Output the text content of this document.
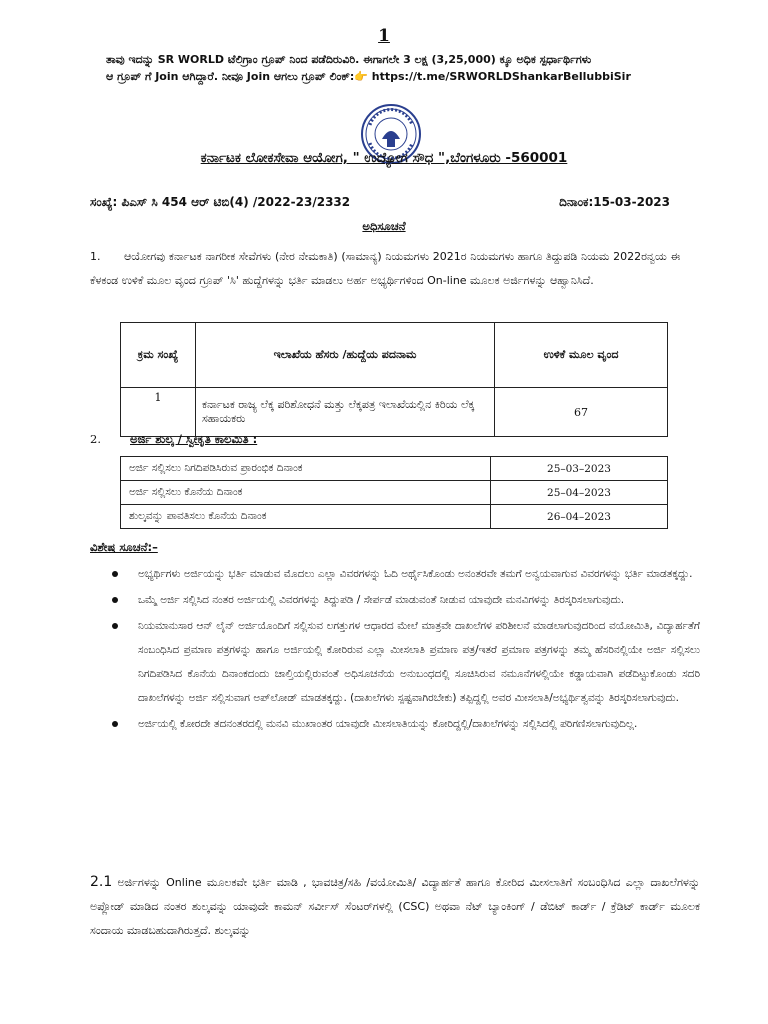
1
ತಾವು ಇದನ್ನು SR WORLD ಟೆಲಿಗ್ರಾಂ ಗ್ರೂಪ್ ನಿಂದ ಪಡೆದಿರುವಿರಿ. ಈಗಾಗಲೇ 3 ಲಕ್ಷ (3,25,000) ಕ್ಕೂ ಅಧಿಕ ಸ್ಪರ್ಧಾರ್ಥಿಗಳು
ಆ ಗ್ರೂಪ್ ಗೆ Join ಆಗಿದ್ದಾರೆ. ನೀವೂ Join ಆಗಲು ಗ್ರೂಪ್ ಲಿಂಕ್:👉 https://t.me/SRWORLDShankarBellubbiSir
ಕರ್ನಾಟಕ ಲೋಕಸೇವಾ ಆಯೋಗ, " ಉದ್ಯೋಗ ಸೌಧ ",ಬೆಂಗಳೂರು -560001
ಸಂಖ್ಯೆ: ಪಿಎಸ್ ಸಿ 454 ಆರ್ ಟಿಬಿ(4) /2022-23/2332	ದಿನಾಂಕ:15-03-2023
ಅಧಿಸೂಚನೆ
1. ಆಯೋಗವು ಕರ್ನಾಟಕ ನಾಗರೀಕ ಸೇವೆಗಳು (ನೇರ ನೇಮಕಾತಿ) (ಸಾಮಾನ್ಯ) ನಿಯಮಗಳು 2021ರ ನಿಯಮಗಳು ಹಾಗೂ ತಿದ್ದುಪಡಿ ನಿಯಮ 2022ರನ್ವಯ ಈ ಕೆಳಕಂಡ ಉಳಿಕೆ ಮೂಲ ವೃಂದ ಗ್ರೂಪ್ 'ಸಿ' ಹುದ್ದೆಗಳನ್ನು ಭರ್ತಿ ಮಾಡಲು ಅರ್ಹ ಅಭ್ಯರ್ಥಿಗಳಿಂದ On-line ಮೂಲಕ ಅರ್ಜಿಗಳನ್ನು ಆಹ್ವಾನಿಸಿದೆ.
ಕ್ರಮ ಸಂಖ್ಯೆ	ಇಲಾಖೆಯ ಹೆಸರು /ಹುದ್ದೆಯ ಪದನಾಮ	ಉಳಿಕೆ ಮೂಲ ವೃಂದ
1	ಕರ್ನಾಟಕ ರಾಜ್ಯ ಲೆಕ್ಕ ಪರಿಶೋಧನೆ ಮತ್ತು ಲೆಕ್ಕಪತ್ರ ಇಲಾಖೆಯಲ್ಲಿನ ಕಿರಿಯ ಲೆಕ್ಕ ಸಹಾಯಕರು	67
2.	ಅರ್ಜಿ ಶುಲ್ಕ / ಸ್ವೀಕೃತಿ ಕಾಲಮಿತಿ :
ಅರ್ಜಿ ಸಲ್ಲಿಸಲು ನಿಗದಿಪಡಿಸಿರುವ ಪ್ರಾರಂಭಿಕ ದಿನಾಂಕ	25–03–2023
ಅರ್ಜಿ ಸಲ್ಲಿಸಲು ಕೊನೆಯ ದಿನಾಂಕ	25–04–2023
ಶುಲ್ಕವನ್ನು ಪಾವತಿಸಲು ಕೊನೆಯ ದಿನಾಂಕ	26–04–2023
ವಿಶೇಷ ಸೂಚನೆ:–
ಅಭ್ಯರ್ಥಿಗಳು ಅರ್ಜಿಯನ್ನು ಭರ್ತಿ ಮಾಡುವ ಮೊದಲು ಎಲ್ಲಾ ವಿವರಗಳನ್ನು ಓದಿ ಅರ್ಥೈಸಿಕೊಂಡು ಅನಂತರವೇ ತಮಗೆ ಅನ್ವಯವಾಗುವ ವಿವರಗಳನ್ನು ಭರ್ತಿ ಮಾಡತಕ್ಕದ್ದು.
ಒಮ್ಮೆ ಅರ್ಜಿ ಸಲ್ಲಿಸಿದ ನಂತರ ಅರ್ಜಿಯಲ್ಲಿ ವಿವರಗಳನ್ನು ತಿದ್ದುಪಡಿ / ಸೇರ್ಪಡೆ ಮಾಡುವಂತೆ ನೀಡುವ ಯಾವುದೇ ಮನವಿಗಳನ್ನು ತಿರಸ್ಕರಿಸಲಾಗುವುದು.
ನಿಯಮಾನುಸಾರ ಆನ್ ಲೈನ್ ಅರ್ಜಿಯೊಂದಿಗೆ ಸಲ್ಲಿಸುವ ಲಗತ್ತುಗಳ ಆಧಾರದ ಮೇಲೆ ಮಾತ್ರವೇ ದಾಖಲೆಗಳ ಪರಿಶೀಲನೆ ಮಾಡಲಾಗುವುದರಿಂದ ವಯೋಮಿತಿ, ವಿದ್ಯಾರ್ಹತೆಗೆ ಸಂಬಂಧಿಸಿದ ಪ್ರಮಾಣ ಪತ್ರಗಳನ್ನು ಹಾಗೂ ಅರ್ಜಿಯಲ್ಲಿ ಕೋರಿರುವ ಎಲ್ಲಾ ಮೀಸಲಾತಿ ಪ್ರಮಾಣ ಪತ್ರ/ಇತರೆ ಪ್ರಮಾಣ ಪತ್ರಗಳನ್ನು ತಮ್ಮ ಹೆಸರಿನಲ್ಲಿಯೇ ಅರ್ಜಿ ಸಲ್ಲಿಸಲು ನಿಗದಿಪಡಿಸಿದ ಕೊನೆಯ ದಿನಾಂಕದಂದು ಚಾಲ್ತಿಯಲ್ಲಿರುವಂತೆ ಅಧಿಸೂಚನೆಯ ಅನುಬಂಧದಲ್ಲಿ ಸೂಚಿಸಿರುವ ನಮೂನೆಗಳಲ್ಲಿಯೇ ಕಡ್ಡಾಯವಾಗಿ ಪಡೆದಿಟ್ಟುಕೊಂಡು ಸದರಿ ದಾಖಲೆಗಳನ್ನು ಅರ್ಜಿ ಸಲ್ಲಿಸುವಾಗ ಅಪ್‌ಲೋಡ್ ಮಾಡತಕ್ಕದ್ದು. (ದಾಖಲೆಗಳು ಸ್ಪಷ್ಟವಾಗಿರಬೇಕು) ತಪ್ಪಿದ್ದಲ್ಲಿ ಅವರ ಮೀಸಲಾತಿ/ಅಭ್ಯರ್ಥಿತ್ವವನ್ನು ತಿರಸ್ಕರಿಸಲಾಗುವುದು.
ಅರ್ಜಿಯಲ್ಲಿ ಕೋರದೇ ತದನಂತರದಲ್ಲಿ ಮನವಿ ಮುಖಾಂತರ ಯಾವುದೇ ಮೀಸಲಾತಿಯನ್ನು ಕೋರಿದ್ದಲ್ಲಿ/ದಾಖಲೆಗಳನ್ನು ಸಲ್ಲಿಸಿದಲ್ಲಿ ಪರಿಗಣಿಸಲಾಗುವುದಿಲ್ಲ.
2.1 ಅರ್ಜಿಗಳನ್ನು Online ಮೂಲಕವೇ ಭರ್ತಿ ಮಾಡಿ , ಭಾವಚಿತ್ರ/ಸಹಿ /ವಯೋಮಿತಿ/ ವಿದ್ಯಾರ್ಹತೆ ಹಾಗೂ ಕೋರಿದ ಮೀಸಲಾತಿಗೆ ಸಂಬಂಧಿಸಿದ ಎಲ್ಲಾ ದಾಖಲೆಗಳನ್ನು ಅಪ್ಲೋಡ್ ಮಾಡಿದ ನಂತರ ಶುಲ್ಕವನ್ನು ಯಾವುದೇ ಕಾಮನ್ ಸರ್ವೀಸ್ ಸೆಂಟರ್‌ಗಳಲ್ಲಿ (CSC) ಅಥವಾ ನೆಟ್ ಬ್ಯಾಂಕಿಂಗ್ / ಡೆಬಿಟ್ ಕಾರ್ಡ್ / ಕ್ರೆಡಿಟ್ ಕಾರ್ಡ್ ಮೂಲಕ ಸಂದಾಯ ಮಾಡಬಹುದಾಗಿರುತ್ತದೆ. ಶುಲ್ಕವನ್ನು
